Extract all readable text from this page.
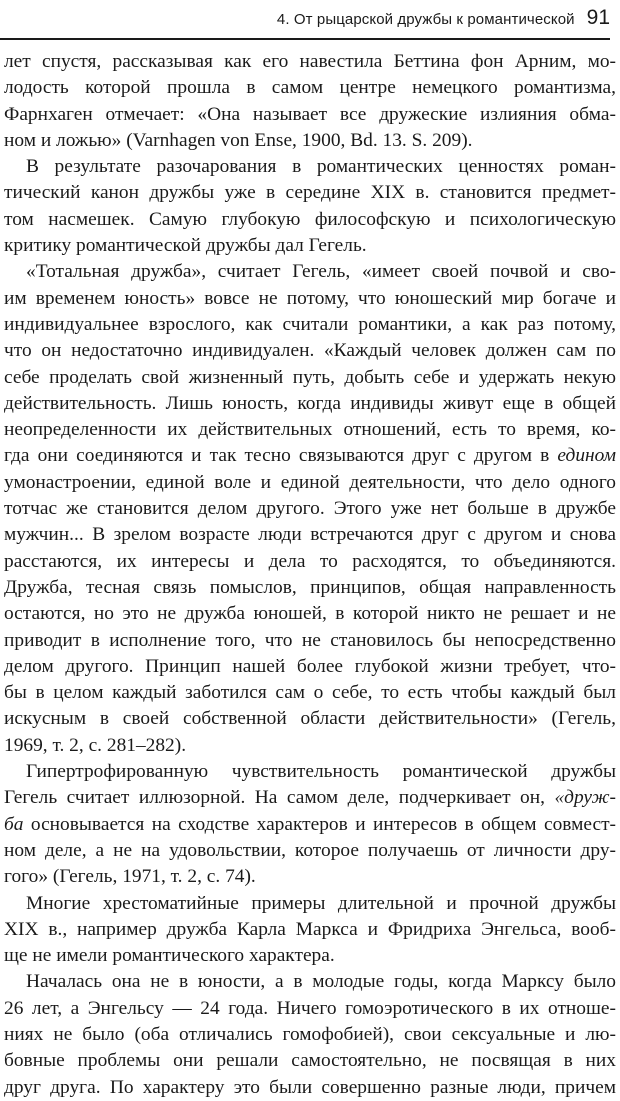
4. От рыцарской дружбы к романтической 91
лет спустя, рассказывая как его навестила Беттина фон Арним, мо-
лодость которой прошла в самом центре немецкого романтизма,
Фарнхаген отмечает: «Она называет все дружеские излияния обма-
ном и ложью» (Varnhagen von Ense, 1900, Bd. 13. S. 209).
В результате разочарования в романтических ценностях роман-
тический канон дружбы уже в середине XIX в. становится предмет-
том насмешек. Самую глубокую философскую и психологическую
критику романтической дружбы дал Гегель.
«Тотальная дружба», считает Гегель, «имеет своей почвой и сво-
им временем юность» вовсе не потому, что юношеский мир богаче и
индивидуальнее взрослого, как считали романтики, а как раз потому,
что он недостаточно индивидуален. «Каждый человек должен сам по
себе проделать свой жизненный путь, добыть себе и удержать некую
действительность. Лишь юность, когда индивиды живут еще в общей
неопределенности их действительных отношений, есть то время, ко-
гда они соединяются и так тесно связываются друг с другом в едином
умонастроении, единой воле и единой деятельности, что дело одного
тотчас же становится делом другого. Этого уже нет больше в дружбе
мужчин... В зрелом возрасте люди встречаются друг с другом и снова
расстаются, их интересы и дела то расходятся, то объединяются.
Дружба, тесная связь помыслов, принципов, общая направленность
остаются, но это не дружба юношей, в которой никто не решает и не
приводит в исполнение того, что не становилось бы непосредственно
делом другого. Принцип нашей более глубокой жизни требует, что-
бы в целом каждый заботился сам о себе, то есть чтобы каждый был
искусным в своей собственной области действительности» (Гегель,
1969, т. 2, с. 281–282).
Гипертрофированную чувствительность романтической дружбы
Гегель считает иллюзорной. На самом деле, подчеркивает он, «друж-
ба основывается на сходстве характеров и интересов в общем совмест-
ном деле, а не на удовольствии, которое получаешь от личности дру-
гого» (Гегель, 1971, т. 2, с. 74).
Многие хрестоматийные примеры длительной и прочной дружбы
XIX в., например дружба Карла Маркса и Фридриха Энгельса, вооб-
ще не имели романтического характера.
Началась она не в юности, а в молодые годы, когда Марксу было
26 лет, а Энгельсу — 24 года. Ничего гомоэротического в их отноше-
ниях не было (оба отличались гомофобией), свои сексуальные и лю-
бовные проблемы они решали самостоятельно, не посвящая в них
друг друга. По характеру это были совершенно разные люди, причем
